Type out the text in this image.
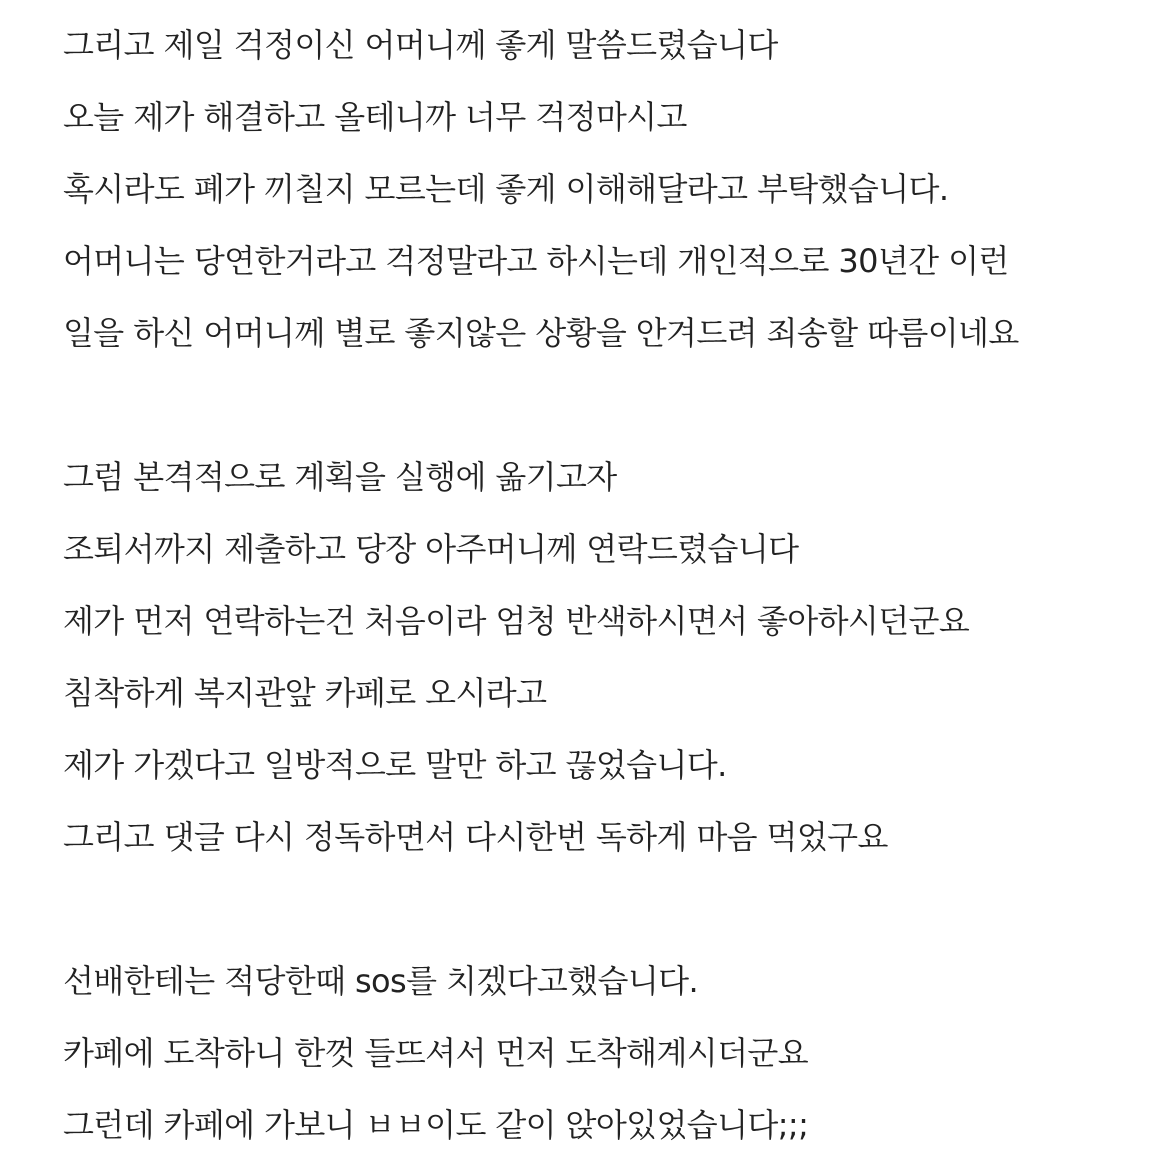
그리고 제일 걱정이신 어머니께 좋게 말씀드렸습니다
오늘 제가 해결하고 올테니까 너무 걱정마시고
혹시라도 폐가 끼칠지 모르는데 좋게 이해해달라고 부탁했습니다.
어머니는 당연한거라고 걱정말라고 하시는데 개인적으로 30년간 이런
일을 하신 어머니께 별로 좋지않은 상황을 안겨드려 죄송할 따름이네요
그럼 본격적으로 계획을 실행에 옮기고자
조퇴서까지 제출하고 당장 아주머니께 연락드렸습니다
제가 먼저 연락하는건 처음이라 엄청 반색하시면서 좋아하시던군요
침착하게 복지관앞 카페로 오시라고
제가 가겠다고 일방적으로 말만 하고 끊었습니다.
그리고 댓글 다시 정독하면서 다시한번 독하게 마음 먹었구요
선배한테는 적당한때 sos를 치겠다고했습니다.
카페에 도착하니 한껏 들뜨셔서 먼저 도착해계시더군요
그런데 카페에 가보니 ㅂㅂ이도 같이 앉아있었습니다;;;
